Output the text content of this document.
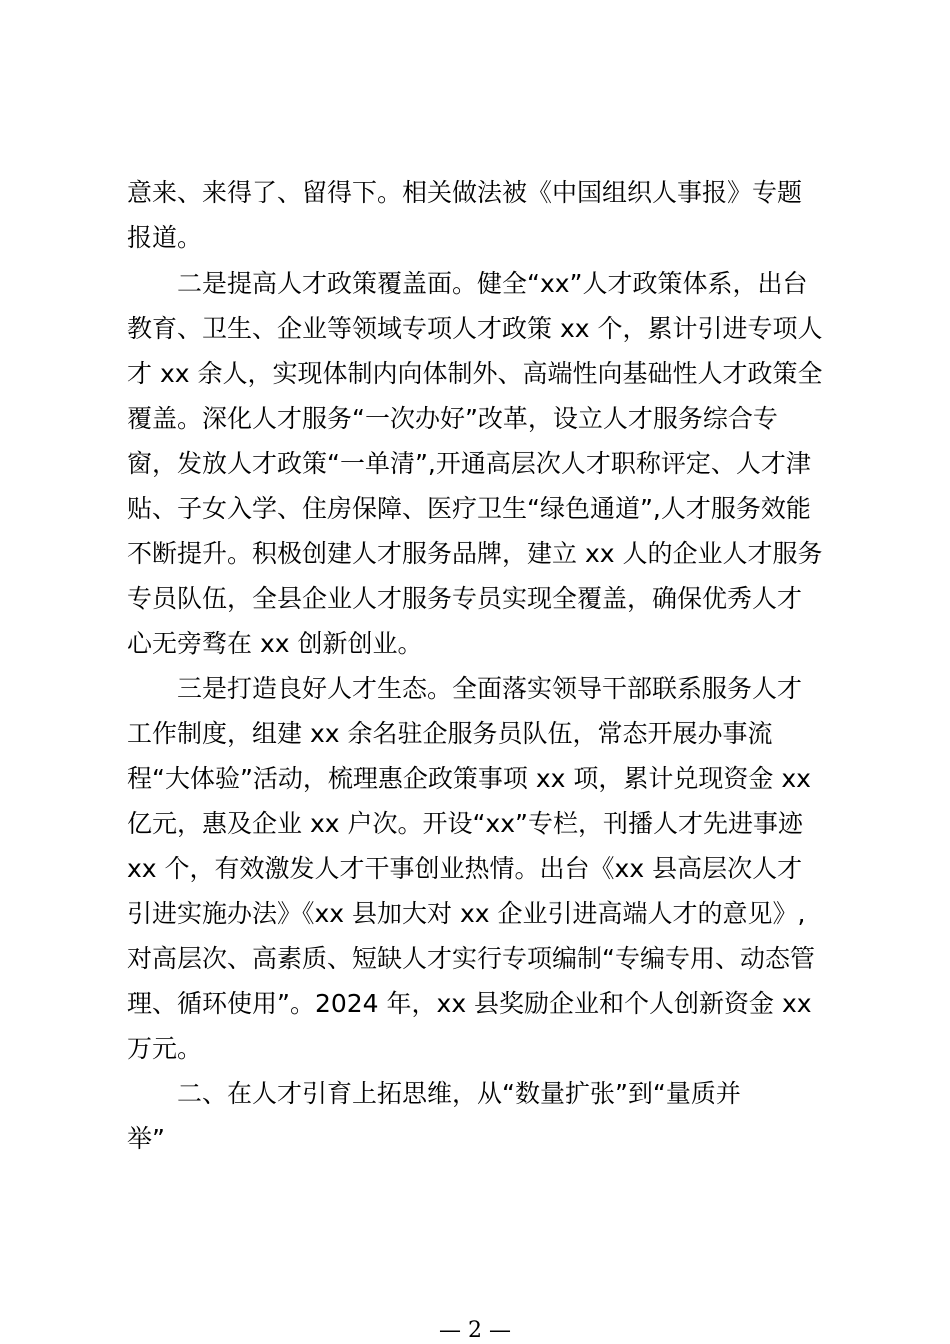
意来、来得了、留得下。相关做法被《中国组织人事报》专题
报道。
二是提高人才政策覆盖面。健全“xx”人才政策体系，出台
教育、卫生、企业等领域专项人才政策 xx 个，累计引进专项人
才 xx 余人，实现体制内向体制外、高端性向基础性人才政策全
覆盖。深化人才服务“一次办好”改革，设立人才服务综合专
窗，发放人才政策“一单清”,开通高层次人才职称评定、人才津
贴、子女入学、住房保障、医疗卫生“绿色通道”,人才服务效能
不断提升。积极创建人才服务品牌，建立 xx 人的企业人才服务
专员队伍，全县企业人才服务专员实现全覆盖，确保优秀人才
心无旁骛在 xx 创新创业。
三是打造良好人才生态。全面落实领导干部联系服务人才
工作制度，组建 xx 余名驻企服务员队伍，常态开展办事流
程“大体验”活动，梳理惠企政策事项 xx 项，累计兑现资金 xx
亿元，惠及企业 xx 户次。开设“xx”专栏，刊播人才先进事迹
xx 个，有效激发人才干事创业热情。出台《xx 县高层次人才
引进实施办法》《xx 县加大对 xx 企业引进高端人才的意见》,
对高层次、高素质、短缺人才实行专项编制“专编专用、动态管
理、循环使用”。2024 年，xx 县奖励企业和个人创新资金 xx
万元。
二、在人才引育上拓思维，从“数量扩张”到“量质并
举”
— 2 —
